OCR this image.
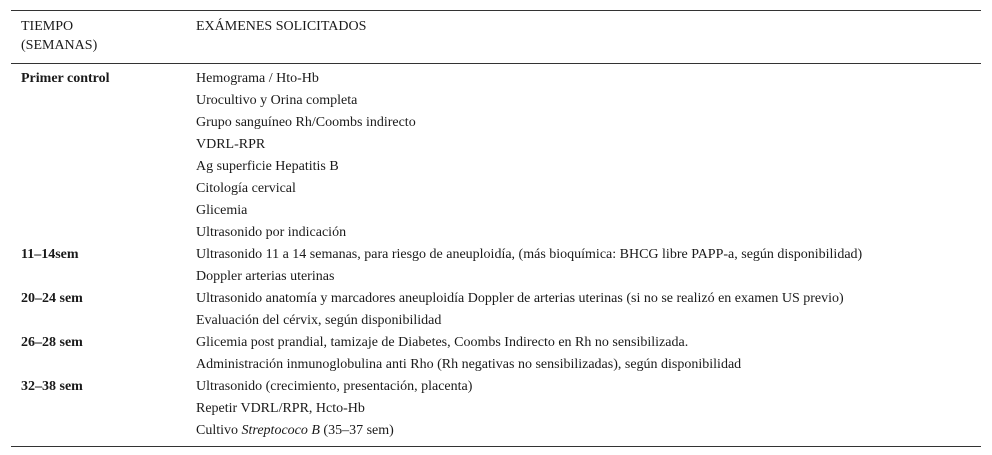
TIEMPO
(SEMANAS)	EXÁMENES SOLICITADOS
Primer control	Hemograma / Hto-Hb
	Urocultivo y Orina completa
	Grupo sanguíneo Rh/Coombs indirecto
	VDRL-RPR
	Ag superficie Hepatitis B
	Citología cervical
	Glicemia
	Ultrasonido por indicación
11–14sem	Ultrasonido 11 a 14 semanas, para riesgo de aneuploidía, (más bioquímica: BHCG libre PAPP-a, según disponibilidad)
	Doppler arterias uterinas
20–24 sem	Ultrasonido anatomía y marcadores aneuploidía Doppler de arterias uterinas (si no se realizó en examen US previo)
	Evaluación del cérvix, según disponibilidad
26–28 sem	Glicemia post prandial, tamizaje de Diabetes, Coombs Indirecto en Rh no sensibilizada.
	Administración inmunoglobulina anti Rho (Rh negativas no sensibilizadas), según disponibilidad
32–38 sem	Ultrasonido (crecimiento, presentación, placenta)
	Repetir VDRL/RPR, Hcto-Hb
	Cultivo Streptococo B (35–37 sem)
